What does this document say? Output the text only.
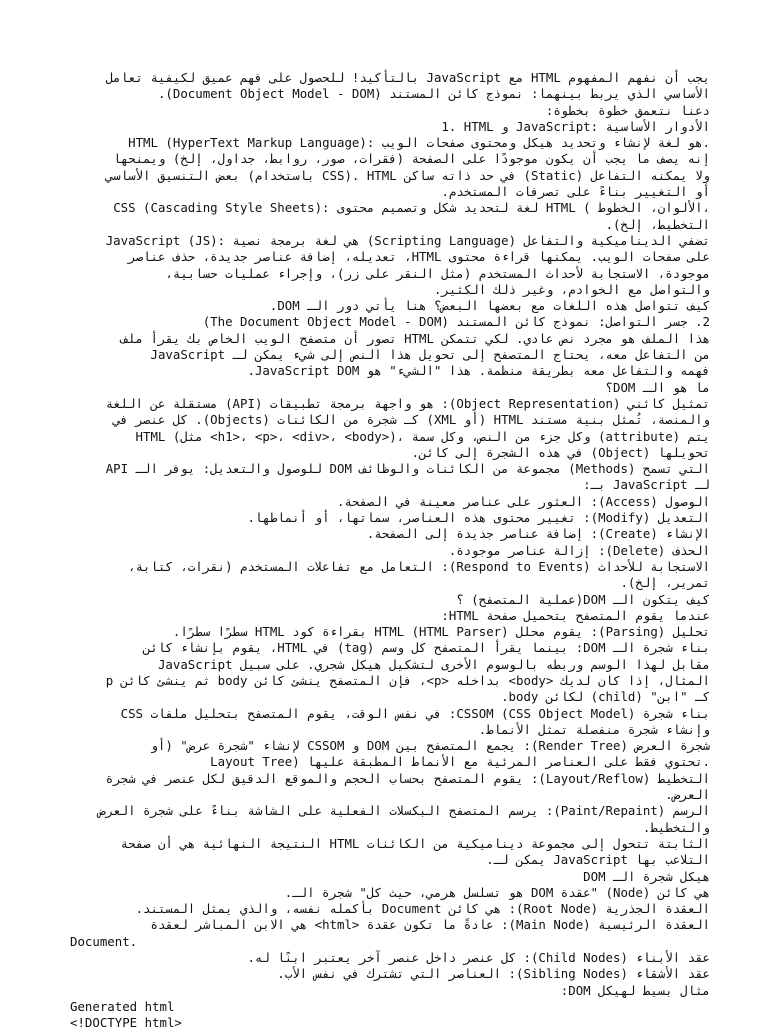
يجب أن نفهم المفهوم HTML مع JavaScript بالتأكيد! للحصول على فهم عميق لكيفية تعامل
الأساسي الذي يربط بينهما: نموذج كائن المستند (Document Object Model - DOM).
دعنا نتعمق خطوة بخطوة:
1. HTML و JavaScript: الأدوار الأساسية
HTML (HyperText Markup Language): هو لغة لإنشاء وتحديد هيكل ومحتوى صفحات الويب.
إنه يصف ما يجب أن يكون موجودًا على الصفحة (فقرات، صور، روابط، جداول، إلخ) ويمنحها
ولا يمكنه التفاعل (Static) في حد ذاته ساكن HTML .(CSS باستخدام) بعض التنسيق الأساسي
أو التغيير بناءً على تصرفات المستخدم.
CSS (Cascading Style Sheets): لغة لتحديد شكل وتصميم محتوى HTML ( الألوان، الخطوط،
التخطيط، إلخ).
JavaScript (JS): هي لغة برمجة نصية (Scripting Language) تضفي الديناميكية والتفاعل
على صفحات الويب. يمكنها قراءة محتوى HTML، تعديله، إضافة عناصر جديدة، حذف عناصر
موجودة، الاستجابة لأحداث المستخدم (مثل النقر على زر)، وإجراء عمليات حسابية،
والتواصل مع الخوادم، وغير ذلك الكثير.
كيف تتواصل هذه اللغات مع بعضها البعض؟ هنا يأتي دور الـ DOM.
2. جسر التواصل: نموذج كائن المستند (The Document Object Model - DOM)
هذا الملف هو مجرد نص عادي. لكي تتمكن HTML تصور أن متصفح الويب الخاص بك يقرأ ملف
من التفاعل معه، يحتاج المتصفح إلى تحويل هذا النص إلى شيء يمكن لـ JavaScript
فهمه والتفاعل معه بطريقة منظمة. هذا "الشيء" هو JavaScript DOM.
ما هو الـ DOM؟
تمثيل كائني (Object Representation): هو واجهة برمجة تطبيقات (API) مستقلة عن اللغة
والمنصة، تُمثل بنية مستند HTML (أو XML) كـ شجرة من الكائنات (Objects). كل عنصر في
HTML (مثل <h1>، <p>، <div>، <body>)، وكل جزء من النص، وكل سمة (attribute) يتم
تحويلها (Object) في هذه الشجرة إلى كائن.
التي تسمح (Methods) مجموعة من الكائنات والوظائف DOM للوصول والتعديل: يوفر الـ API
لـ JavaScript بـ:
الوصول (Access): العثور على عناصر معينة في الصفحة.
التعديل (Modify): تغيير محتوى هذه العناصر، سماتها، أو أنماطها.
الإنشاء (Create): إضافة عناصر جديدة إلى الصفحة.
الحذف (Delete): إزالة عناصر موجودة.
الاستجابة للأحداث (Respond to Events): التعامل مع تفاعلات المستخدم (نقرات، كتابة،
تمرير، إلخ).
كيف يتكون الـ DOM(عملية المتصفح) ؟
عندما يقوم المتصفح بتحميل صفحة HTML:
تحليل (Parsing): يقوم محلل HTML (HTML Parser) بقراءة كود HTML سطرًا سطرًا.
بناء شجرة الـ DOM: بينما يقرأ المتصفح كل وسم (tag) في HTML، يقوم بإنشاء كائن
مقابل لهذا الوسم وربطه بالوسوم الأخرى لتشكيل هيكل شجري. على سبيل JavaScript
المثال، إذا كان لديك <body> بداخله <p>، فإن المتصفح ينشئ كائن body ثم ينشئ كائن p
كـ "ابن" (child) لكائن body.
بناء شجرة CSSOM (CSS Object Model): في نفس الوقت، يقوم المتصفح بتحليل ملفات CSS
وإنشاء شجرة منفصلة تمثل الأنماط.
شجرة العرض (Render Tree): يجمع المتصفح بين DOM و CSSOM لإنشاء "شجرة عرض" (أو
Layout Tree) تحتوي فقط على العناصر المرئية مع الأنماط المطبقة عليها.
التخطيط (Layout/Reflow): يقوم المتصفح بحساب الحجم والموقع الدقيق لكل عنصر في شجرة
العرض.
الرسم (Paint/Repaint): يرسم المتصفح البكسلات الفعلية على الشاشة بناءً على شجرة العرض
والتخطيط.
الثابتة تتحول إلى مجموعة ديناميكية من الكائنات HTML النتيجة النهائية هي أن صفحة
التلاعب بها JavaScript يمكن لـ.
هيكل شجرة الـ DOM
هي كائن (Node) "عقدة DOM هو تسلسل هرمي، حيث كل" شجرة الـ.
العقدة الجذرية (Root Node): هي كائن Document بأكمله نفسه، والذي يمثل المستند.
العقدة الرئيسية (Main Node): عادةً ما تكون عقدة <html> هي الابن المباشر لعقدة
Document.
عقد الأبناء (Child Nodes): كل عنصر داخل عنصر آخر يعتبر ابنًا له.
عقد الأشقاء (Sibling Nodes): العناصر التي تشترك في نفس الأب.
مثال بسيط لهيكل DOM:
Generated html
<!DOCTYPE html>
